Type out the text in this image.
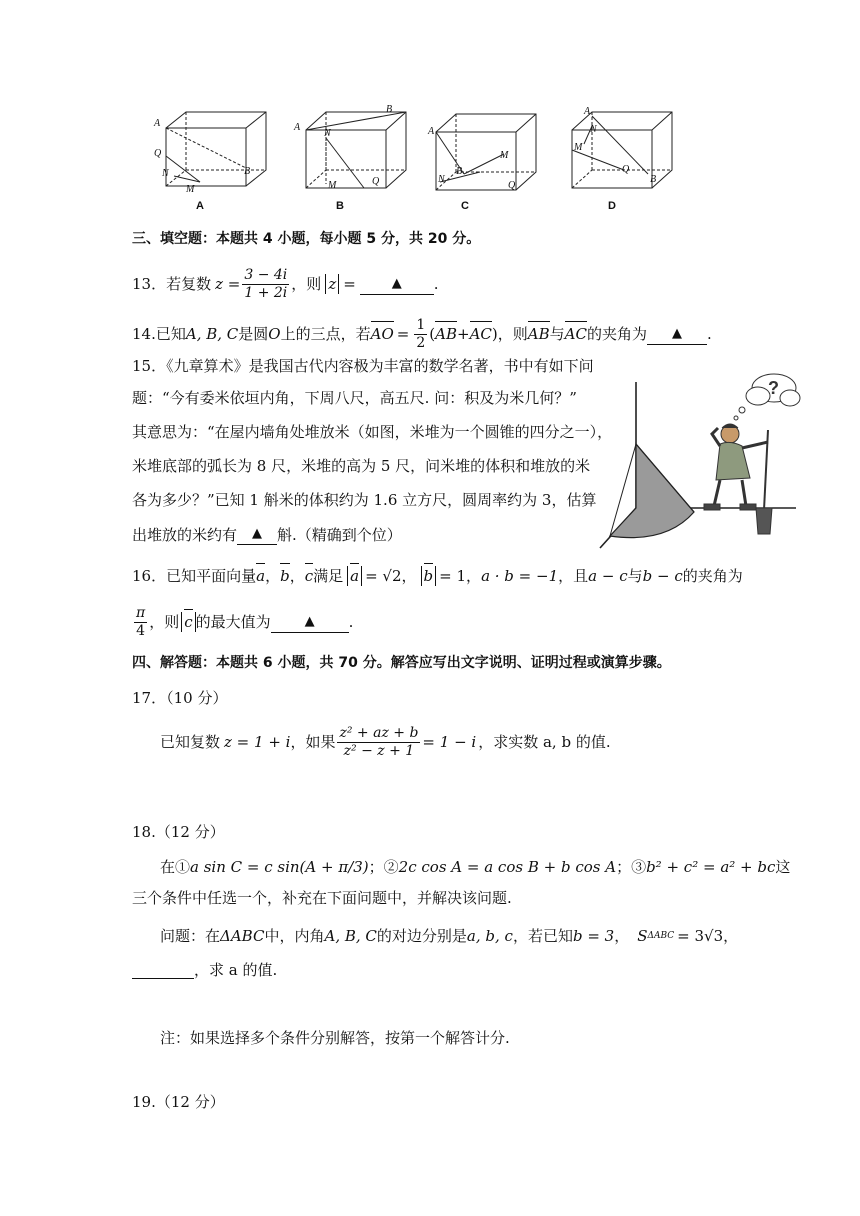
A
Q
N
M
B
A
B
N
M	Q
A
N
B
M
Q
A
N
M
Q
B
A	B	C	D
三、填空题：本题共 4 小题，每小题 5 分，共 20 分。
13． 若复数 $z = \frac{3 - 4i}{1 + 2i}$ ，则 z =	▲	.
14. 已知 A, B, C 是圆 O 上的三点，若 AO = $\frac{1}{2}$ ( AB + AC ) ，则 AB 与 AC 的夹角为	▲	.
15．《九章算术》是我国古代内容极为丰富的数学名著，书中有如下问
题：“今有委米依垣内角，下周八尺，高五尺. 问：积及为米几何？”
其意思为：“在屋内墙角处堆放米（如图，米堆为一个圆锥的四分之一），
米堆底部的弧长为 8 尺，米堆的高为 5 尺，问米堆的体积和堆放的米
各为多少？”已知 1 斛米的体积约为 1.6 立方尺，圆周率约为 3，估算
出堆放的米约有	▲	斛.（精确到个位）
?
16． 已知平面向量 a ， b ， c 满足 a = √2 ， b = 1 ， a · b = −1 ，且 a − c 与 b − c 的夹角为
$\frac{\pi}{4}$ ，则 c 的最大值为	▲	.
四、解答题：本题共 6 小题，共 70 分。解答应写出文字说明、证明过程或演算步骤。
17．（10 分）
已知复数 z = 1 + i ，如果 $\frac{\text{z² + az + b}}{\text{z² − z + 1}} = 1 - i$ ，求实数 a, b 的值.
18.（12 分）
在① a sin C = c sin(A + π/3) ；② 2c cos A = a cos B + b cos A ；③ b² + c² = a² + bc 这
三个条件中任选一个，补充在下面问题中，并解决该问题.
问题：在 ΔABC 中，内角 A, B, C 的对边分别是 a, b, c ，若已知 b = 3 ， S ΔABC = 3√3 ，
，求 a 的值.
注：如果选择多个条件分别解答，按第一个解答计分.
19.（12 分）
